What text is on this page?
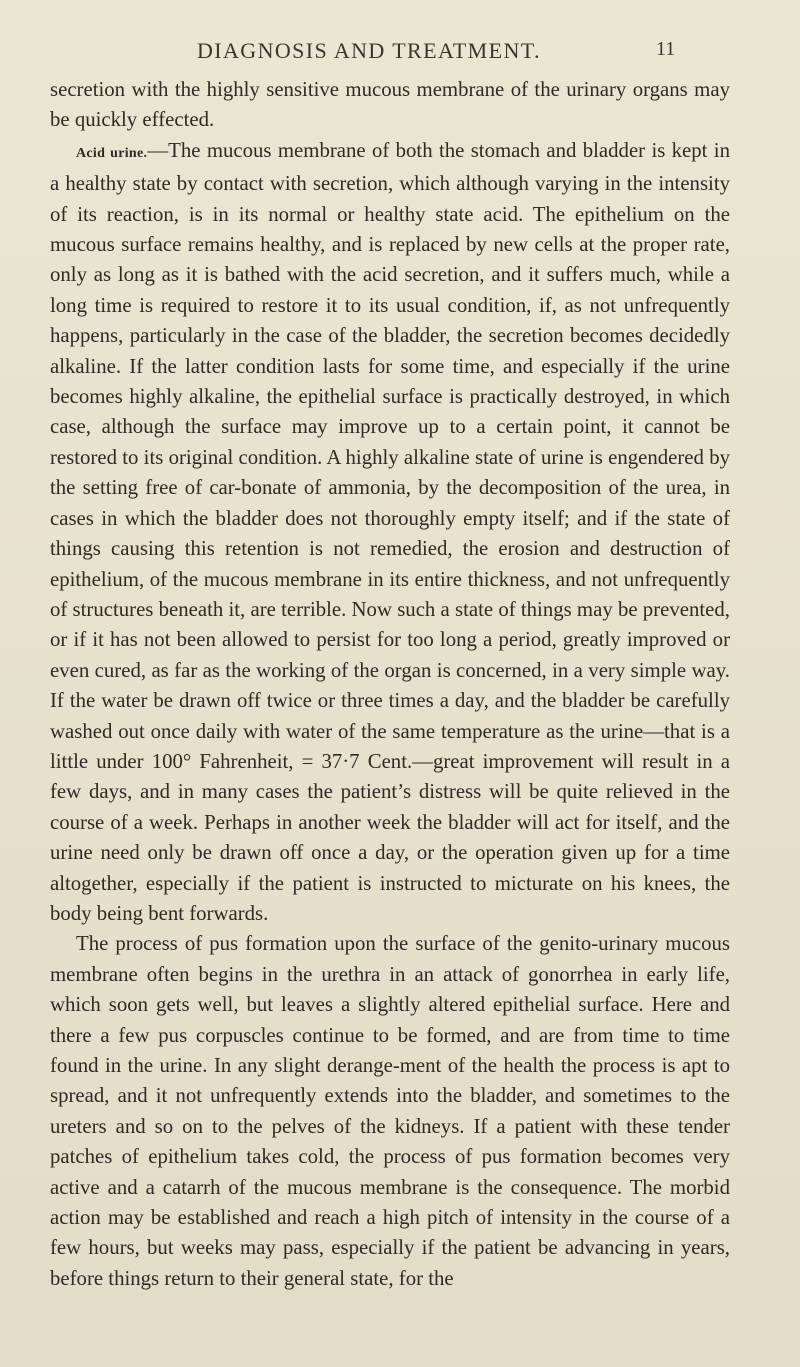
DIAGNOSIS AND TREATMENT.	11

secretion with the highly sensitive mucous membrane of the urinary organs may be quickly effected.

Acid urine.—The mucous membrane of both the stomach and bladder is kept in a healthy state by contact with secretion, which although varying in the intensity of its reaction, is in its normal or healthy state acid. The epithelium on the mucous surface remains healthy, and is replaced by new cells at the proper rate, only as long as it is bathed with the acid secretion, and it suffers much, while a long time is required to restore it to its usual condition, if, as not unfrequently happens, particularly in the case of the bladder, the secretion becomes decidedly alkaline. If the latter condition lasts for some time, and especially if the urine becomes highly alkaline, the epithelial surface is practically destroyed, in which case, although the surface may improve up to a certain point, it cannot be restored to its original condition. A highly alkaline state of urine is engendered by the setting free of car-bonate of ammonia, by the decomposition of the urea, in cases in which the bladder does not thoroughly empty itself; and if the state of things causing this retention is not remedied, the erosion and destruction of epithelium, of the mucous membrane in its entire thickness, and not unfrequently of structures beneath it, are terrible. Now such a state of things may be prevented, or if it has not been allowed to persist for too long a period, greatly improved or even cured, as far as the working of the organ is concerned, in a very simple way. If the water be drawn off twice or three times a day, and the bladder be carefully washed out once daily with water of the same temperature as the urine—that is a little under 100° Fahrenheit, = 37·7 Cent.—great improvement will result in a few days, and in many cases the patient’s distress will be quite relieved in the course of a week. Perhaps in another week the bladder will act for itself, and the urine need only be drawn off once a day, or the operation given up for a time altogether, especially if the patient is instructed to micturate on his knees, the body being bent forwards.

The process of pus formation upon the surface of the genito-urinary mucous membrane often begins in the urethra in an attack of gonorrhea in early life, which soon gets well, but leaves a slightly altered epithelial surface. Here and there a few pus corpuscles continue to be formed, and are from time to time found in the urine. In any slight derange-ment of the health the process is apt to spread, and it not unfrequently extends into the bladder, and sometimes to the ureters and so on to the pelves of the kidneys. If a patient with these tender patches of epithelium takes cold, the process of pus formation becomes very active and a catarrh of the mucous membrane is the consequence. The morbid action may be established and reach a high pitch of intensity in the course of a few hours, but weeks may pass, especially if the patient be advancing in years, before things return to their general state, for the
